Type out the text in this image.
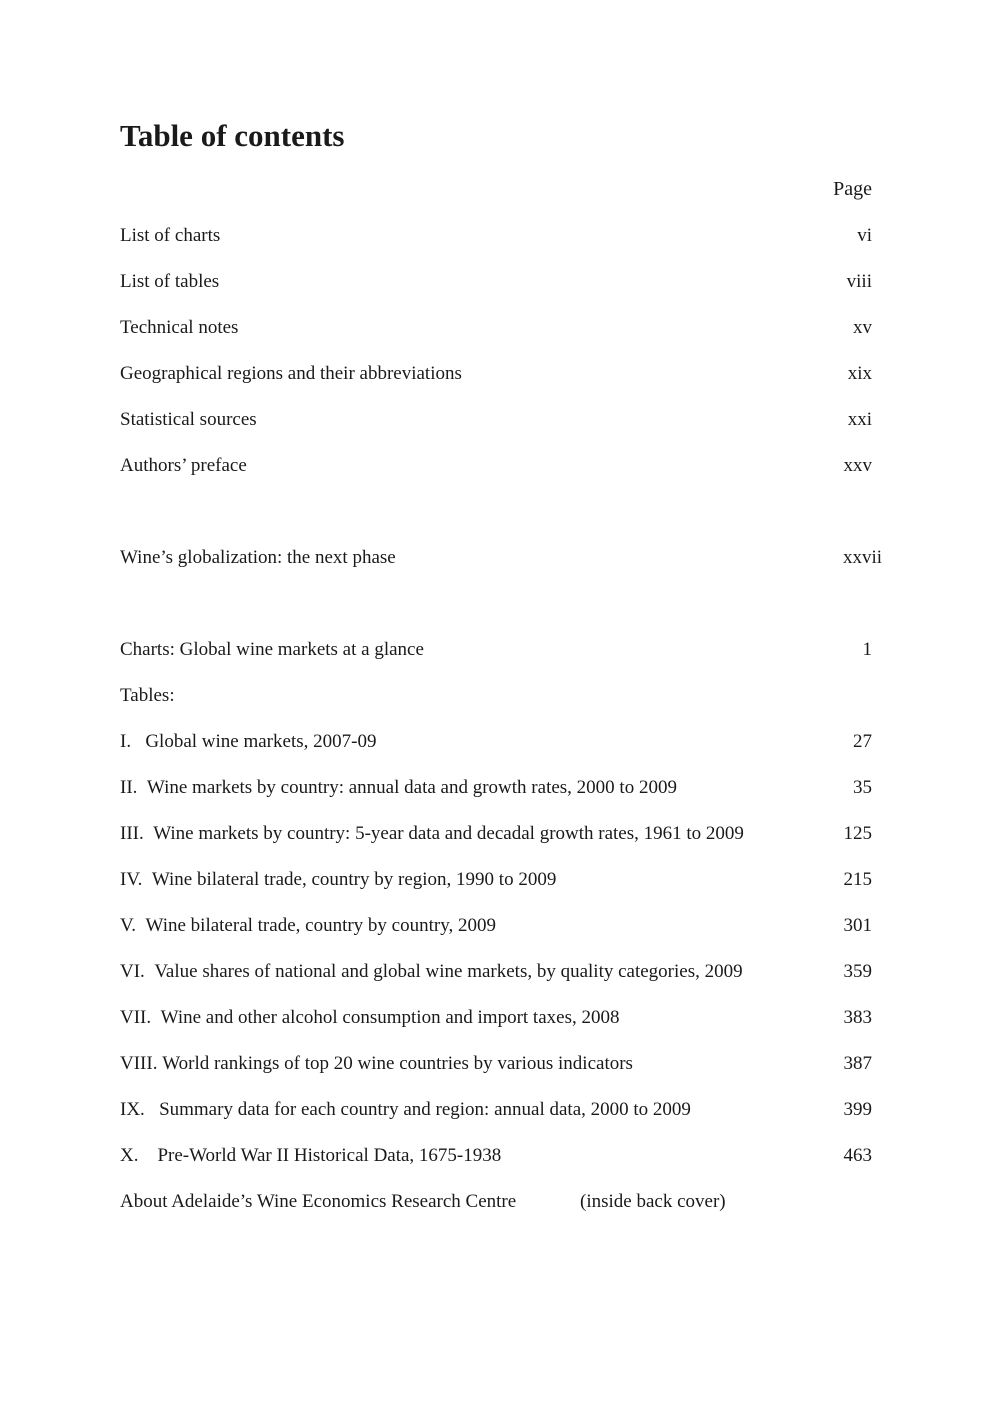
Table of contents
Page
List of charts	vi
List of tables	viii
Technical notes	xv
Geographical regions and their abbreviations	xix
Statistical sources	xxi
Authors’ preface	xxv
Wine’s globalization: the next phase	xxvii
Charts: Global wine markets at a glance	1
Tables:
I. Global wine markets, 2007-09	27
II. Wine markets by country: annual data and growth rates, 2000 to 2009	35
III. Wine markets by country: 5-year data and decadal growth rates, 1961 to 2009	125
IV. Wine bilateral trade, country by region, 1990 to 2009	215
V. Wine bilateral trade, country by country, 2009	301
VI. Value shares of national and global wine markets, by quality categories, 2009	359
VII. Wine and other alcohol consumption and import taxes, 2008	383
VIII. World rankings of top 20 wine countries by various indicators	387
IX. Summary data for each country and region: annual data, 2000 to 2009	399
X. Pre-World War II Historical Data, 1675-1938	463
About Adelaide’s Wine Economics Research Centre	(inside back cover)
